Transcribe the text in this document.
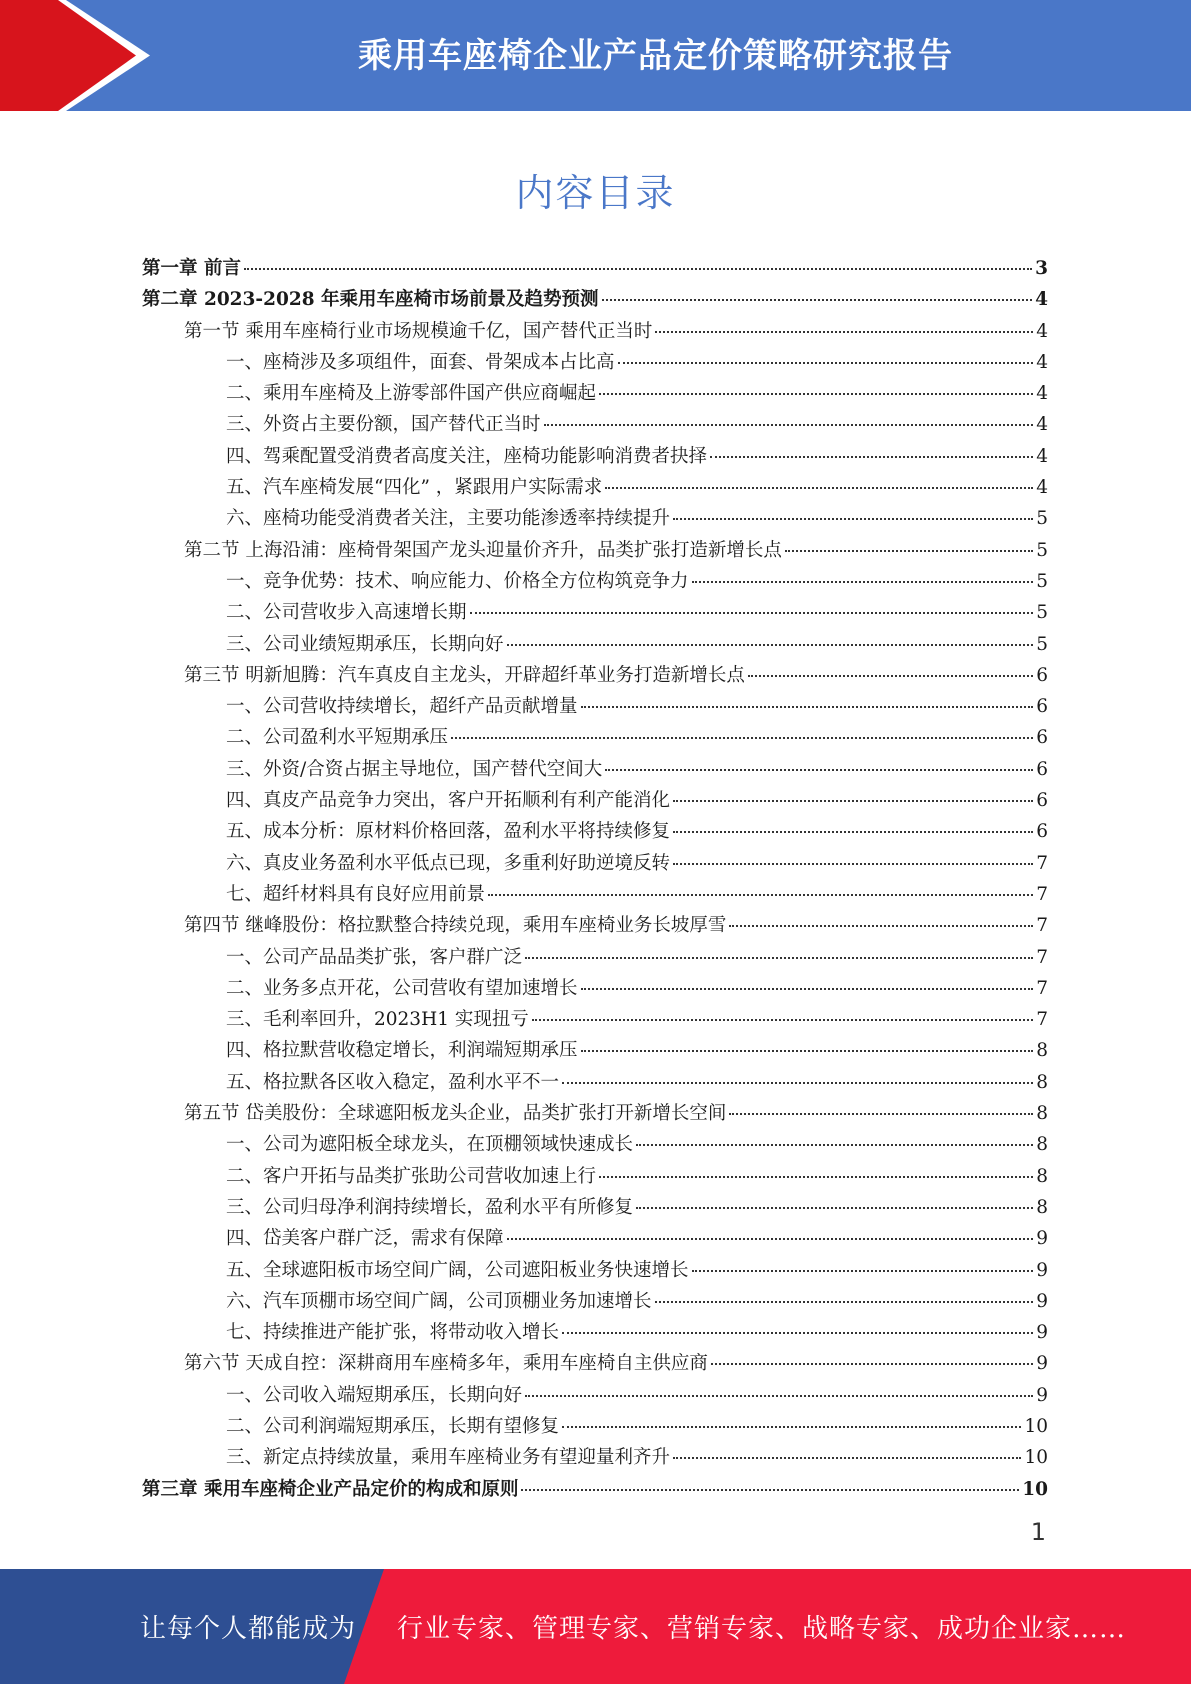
乘用车座椅企业产品定价策略研究报告
内容目录
第一章 前言	3
第二章 2023-2028 年乘用车座椅市场前景及趋势预测	4
第一节 乘用车座椅行业市场规模逾千亿，国产替代正当时	4
一、座椅涉及多项组件，面套、骨架成本占比高	4
二、乘用车座椅及上游零部件国产供应商崛起	4
三、外资占主要份额，国产替代正当时	4
四、驾乘配置受消费者高度关注，座椅功能影响消费者抉择	4
五、汽车座椅发展“四化” ，紧跟用户实际需求	4
六、座椅功能受消费者关注，主要功能渗透率持续提升	5
第二节 上海沿浦：座椅骨架国产龙头迎量价齐升，品类扩张打造新增长点	5
一、竞争优势：技术、响应能力、价格全方位构筑竞争力	5
二、公司营收步入高速增长期	5
三、公司业绩短期承压，长期向好	5
第三节 明新旭腾：汽车真皮自主龙头，开辟超纤革业务打造新增长点	6
一、公司营收持续增长，超纤产品贡献增量	6
二、公司盈利水平短期承压	6
三、外资/合资占据主导地位，国产替代空间大	6
四、真皮产品竞争力突出，客户开拓顺利有利产能消化	6
五、成本分析：原材料价格回落，盈利水平将持续修复	6
六、真皮业务盈利水平低点已现，多重利好助逆境反转	7
七、超纤材料具有良好应用前景	7
第四节 继峰股份：格拉默整合持续兑现，乘用车座椅业务长坡厚雪	7
一、公司产品品类扩张，客户群广泛	7
二、业务多点开花，公司营收有望加速增长	7
三、毛利率回升，2023H1 实现扭亏	7
四、格拉默营收稳定增长，利润端短期承压	8
五、格拉默各区收入稳定，盈利水平不一	8
第五节 岱美股份：全球遮阳板龙头企业，品类扩张打开新增长空间	8
一、公司为遮阳板全球龙头，在顶棚领域快速成长	8
二、客户开拓与品类扩张助公司营收加速上行	8
三、公司归母净利润持续增长，盈利水平有所修复	8
四、岱美客户群广泛，需求有保障	9
五、全球遮阳板市场空间广阔，公司遮阳板业务快速增长	9
六、汽车顶棚市场空间广阔，公司顶棚业务加速增长	9
七、持续推进产能扩张，将带动收入增长	9
第六节 天成自控：深耕商用车座椅多年，乘用车座椅自主供应商	9
一、公司收入端短期承压，长期向好	9
二、公司利润端短期承压，长期有望修复	10
三、新定点持续放量，乘用车座椅业务有望迎量利齐升	10
第三章 乘用车座椅企业产品定价的构成和原则	10
1
让每个人都能成为 行业专家、管理专家、营销专家、战略专家、成功企业家……
